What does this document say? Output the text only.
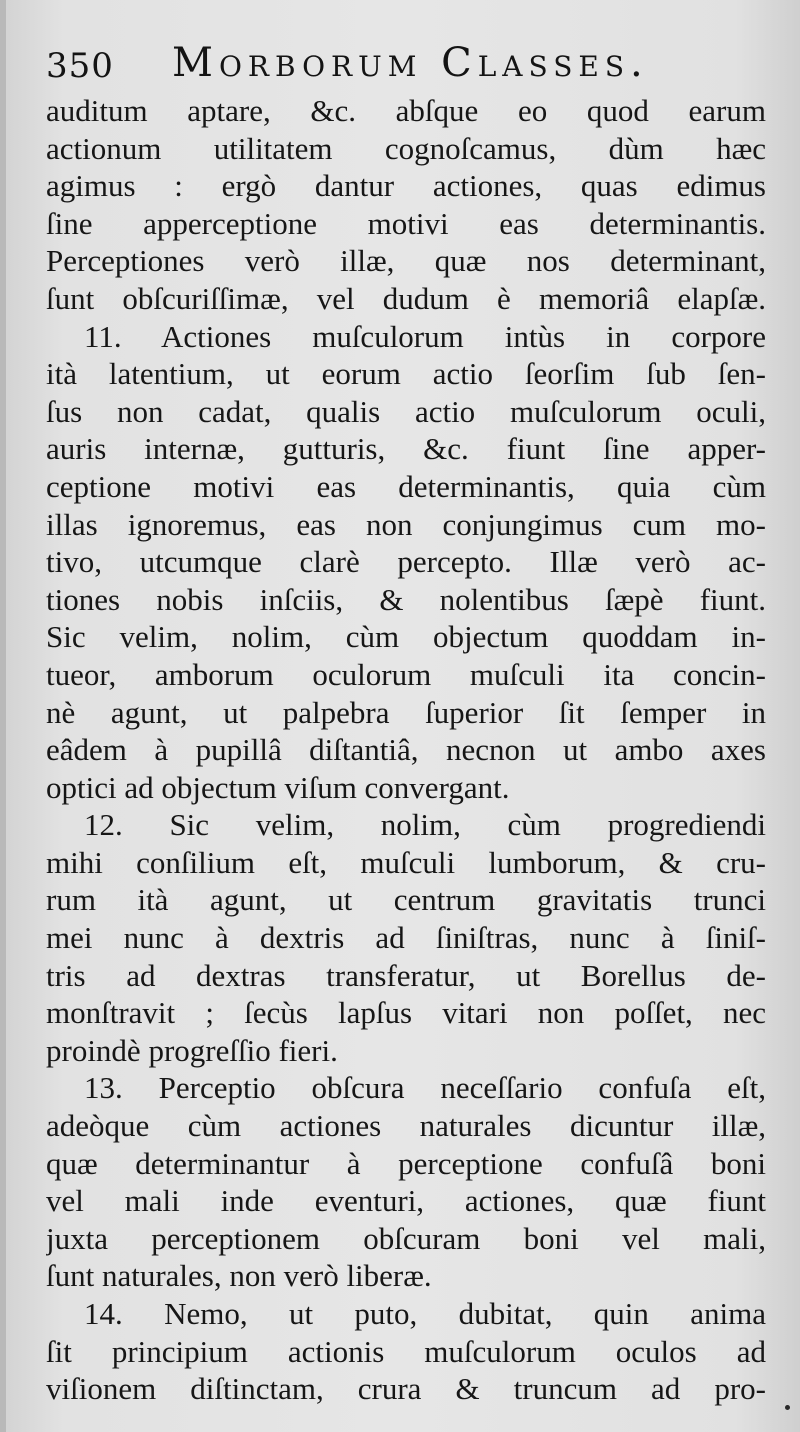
350 Morborum Classes.
auditum aptare, &c. abſque eo quod earum
actionum utilitatem cognoſcamus, dùm hæc
agimus : ergò dantur actiones, quas edimus
ſine apperceptione motivi eas determinantis.
Perceptiones verò illæ, quæ nos determinant,
ſunt obſcuriſſimæ, vel dudum è memoriâ elapſæ.
11. Actiones muſculorum intùs in corpore
ità latentium, ut eorum actio ſeorſim ſub ſen-
ſus non cadat, qualis actio muſculorum oculi,
auris internæ, gutturis, &c. fiunt ſine apper-
ceptione motivi eas determinantis, quia cùm
illas ignoremus, eas non conjungimus cum mo-
tivo, utcumque clarè percepto. Illæ verò ac-
tiones nobis inſciis, & nolentibus ſæpè fiunt.
Sic velim, nolim, cùm objectum quoddam in-
tueor, amborum oculorum muſculi ita concin-
nè agunt, ut palpebra ſuperior ſit ſemper in
eâdem à pupillâ diſtantiâ, necnon ut ambo axes
optici ad objectum viſum convergant.
12. Sic velim, nolim, cùm progrediendi
mihi conſilium eſt, muſculi lumborum, & cru-
rum ità agunt, ut centrum gravitatis trunci
mei nunc à dextris ad ſiniſtras, nunc à ſiniſ-
tris ad dextras transferatur, ut Borellus de-
monſtravit ; ſecùs lapſus vitari non poſſet, nec
proindè progreſſio fieri.
13. Perceptio obſcura neceſſario confuſa eſt,
adeòque cùm actiones naturales dicuntur illæ,
quæ determinantur à perceptione confuſâ boni
vel mali inde eventuri, actiones, quæ fiunt
juxta perceptionem obſcuram boni vel mali,
ſunt naturales, non verò liberæ.
14. Nemo, ut puto, dubitat, quin anima
ſit principium actionis muſculorum oculos ad
viſionem diſtinctam, crura & truncum ad pro-
